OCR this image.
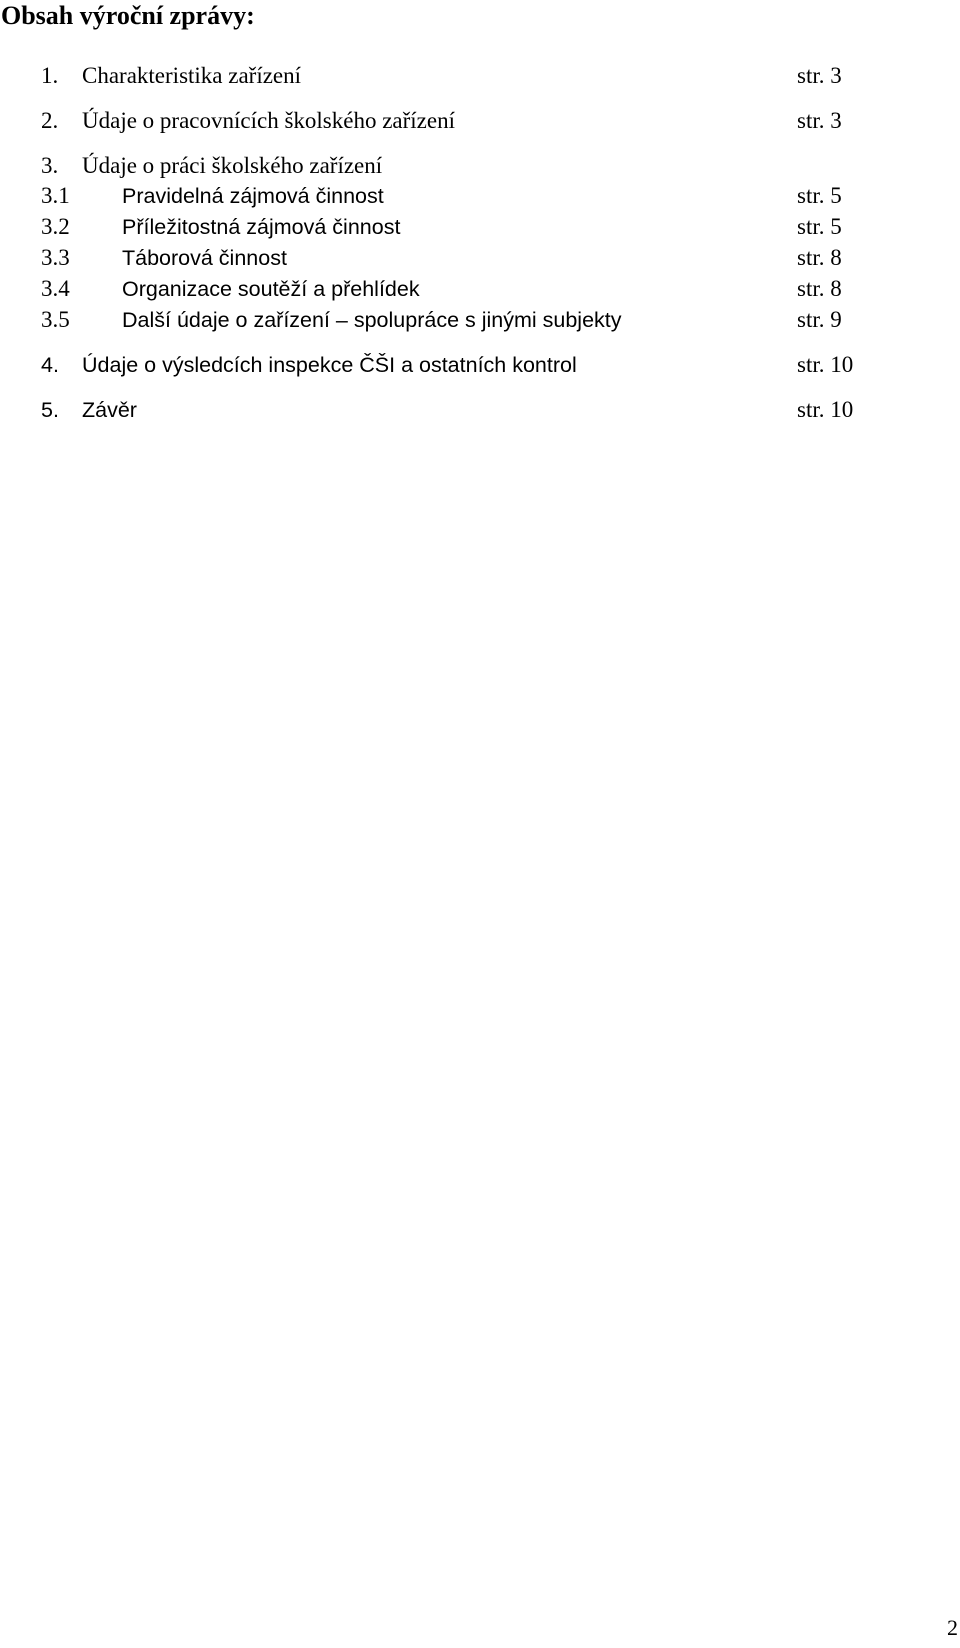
Obsah výroční zprávy:
1. Charakteristika zařízení	str. 3
2. Údaje o pracovnících školského zařízení	str. 3
3. Údaje o práci školského zařízení
3.1 Pravidelná zájmová činnost	str. 5
3.2 Příležitostná zájmová činnost	str. 5
3.3 Táborová činnost	str. 8
3.4 Organizace soutěží a přehlídek	str. 8
3.5 Další údaje o zařízení – spolupráce s jinými subjekty	str. 9
4. Údaje o výsledcích inspekce ČŠI a ostatních kontrol	str. 10
5. Závěr	str. 10
2
